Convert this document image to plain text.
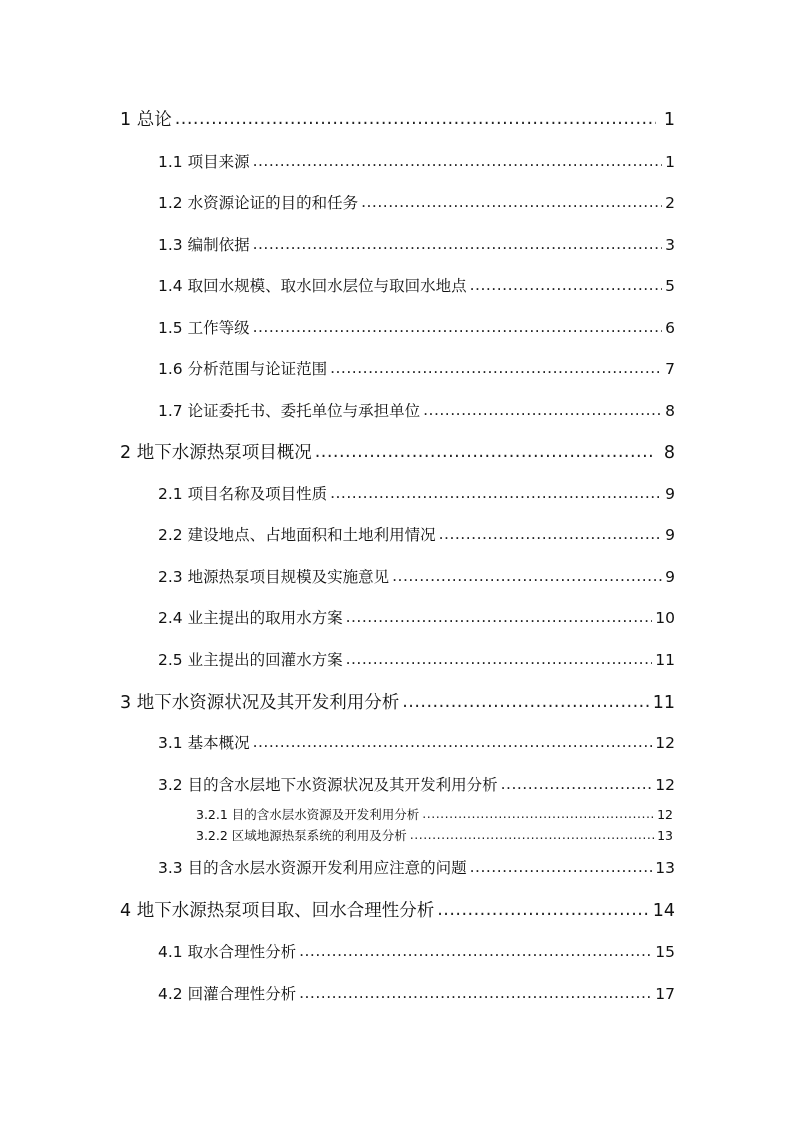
1 总论 .....	1
1.1 项目来源 .....	1
1.2 水资源论证的目的和任务 .....	2
1.3 编制依据 .....	3
1.4 取回水规模、取水回水层位与取回水地点 .....	5
1.5 工作等级 .....	6
1.6 分析范围与论证范围 .....	7
1.7 论证委托书、委托单位与承担单位 .....	8
2 地下水源热泵项目概况 .....	8
2.1 项目名称及项目性质 .....	9
2.2 建设地点、占地面积和土地利用情况 .....	9
2.3 地源热泵项目规模及实施意见 .....	9
2.4 业主提出的取用水方案 .....	10
2.5 业主提出的回灌水方案 .....	11
3 地下水资源状况及其开发利用分析 .....	11
3.1 基本概况 .....	12
3.2 目的含水层地下水资源状况及其开发利用分析 .....	12
3.2.1 目的含水层水资源及开发利用分析 .....	12
3.2.2 区域地源热泵系统的利用及分析 .....	13
3.3 目的含水层水资源开发利用应注意的问题 .....	13
4 地下水源热泵项目取、回水合理性分析 .....	14
4.1 取水合理性分析 .....	15
4.2 回灌合理性分析 .....	17
